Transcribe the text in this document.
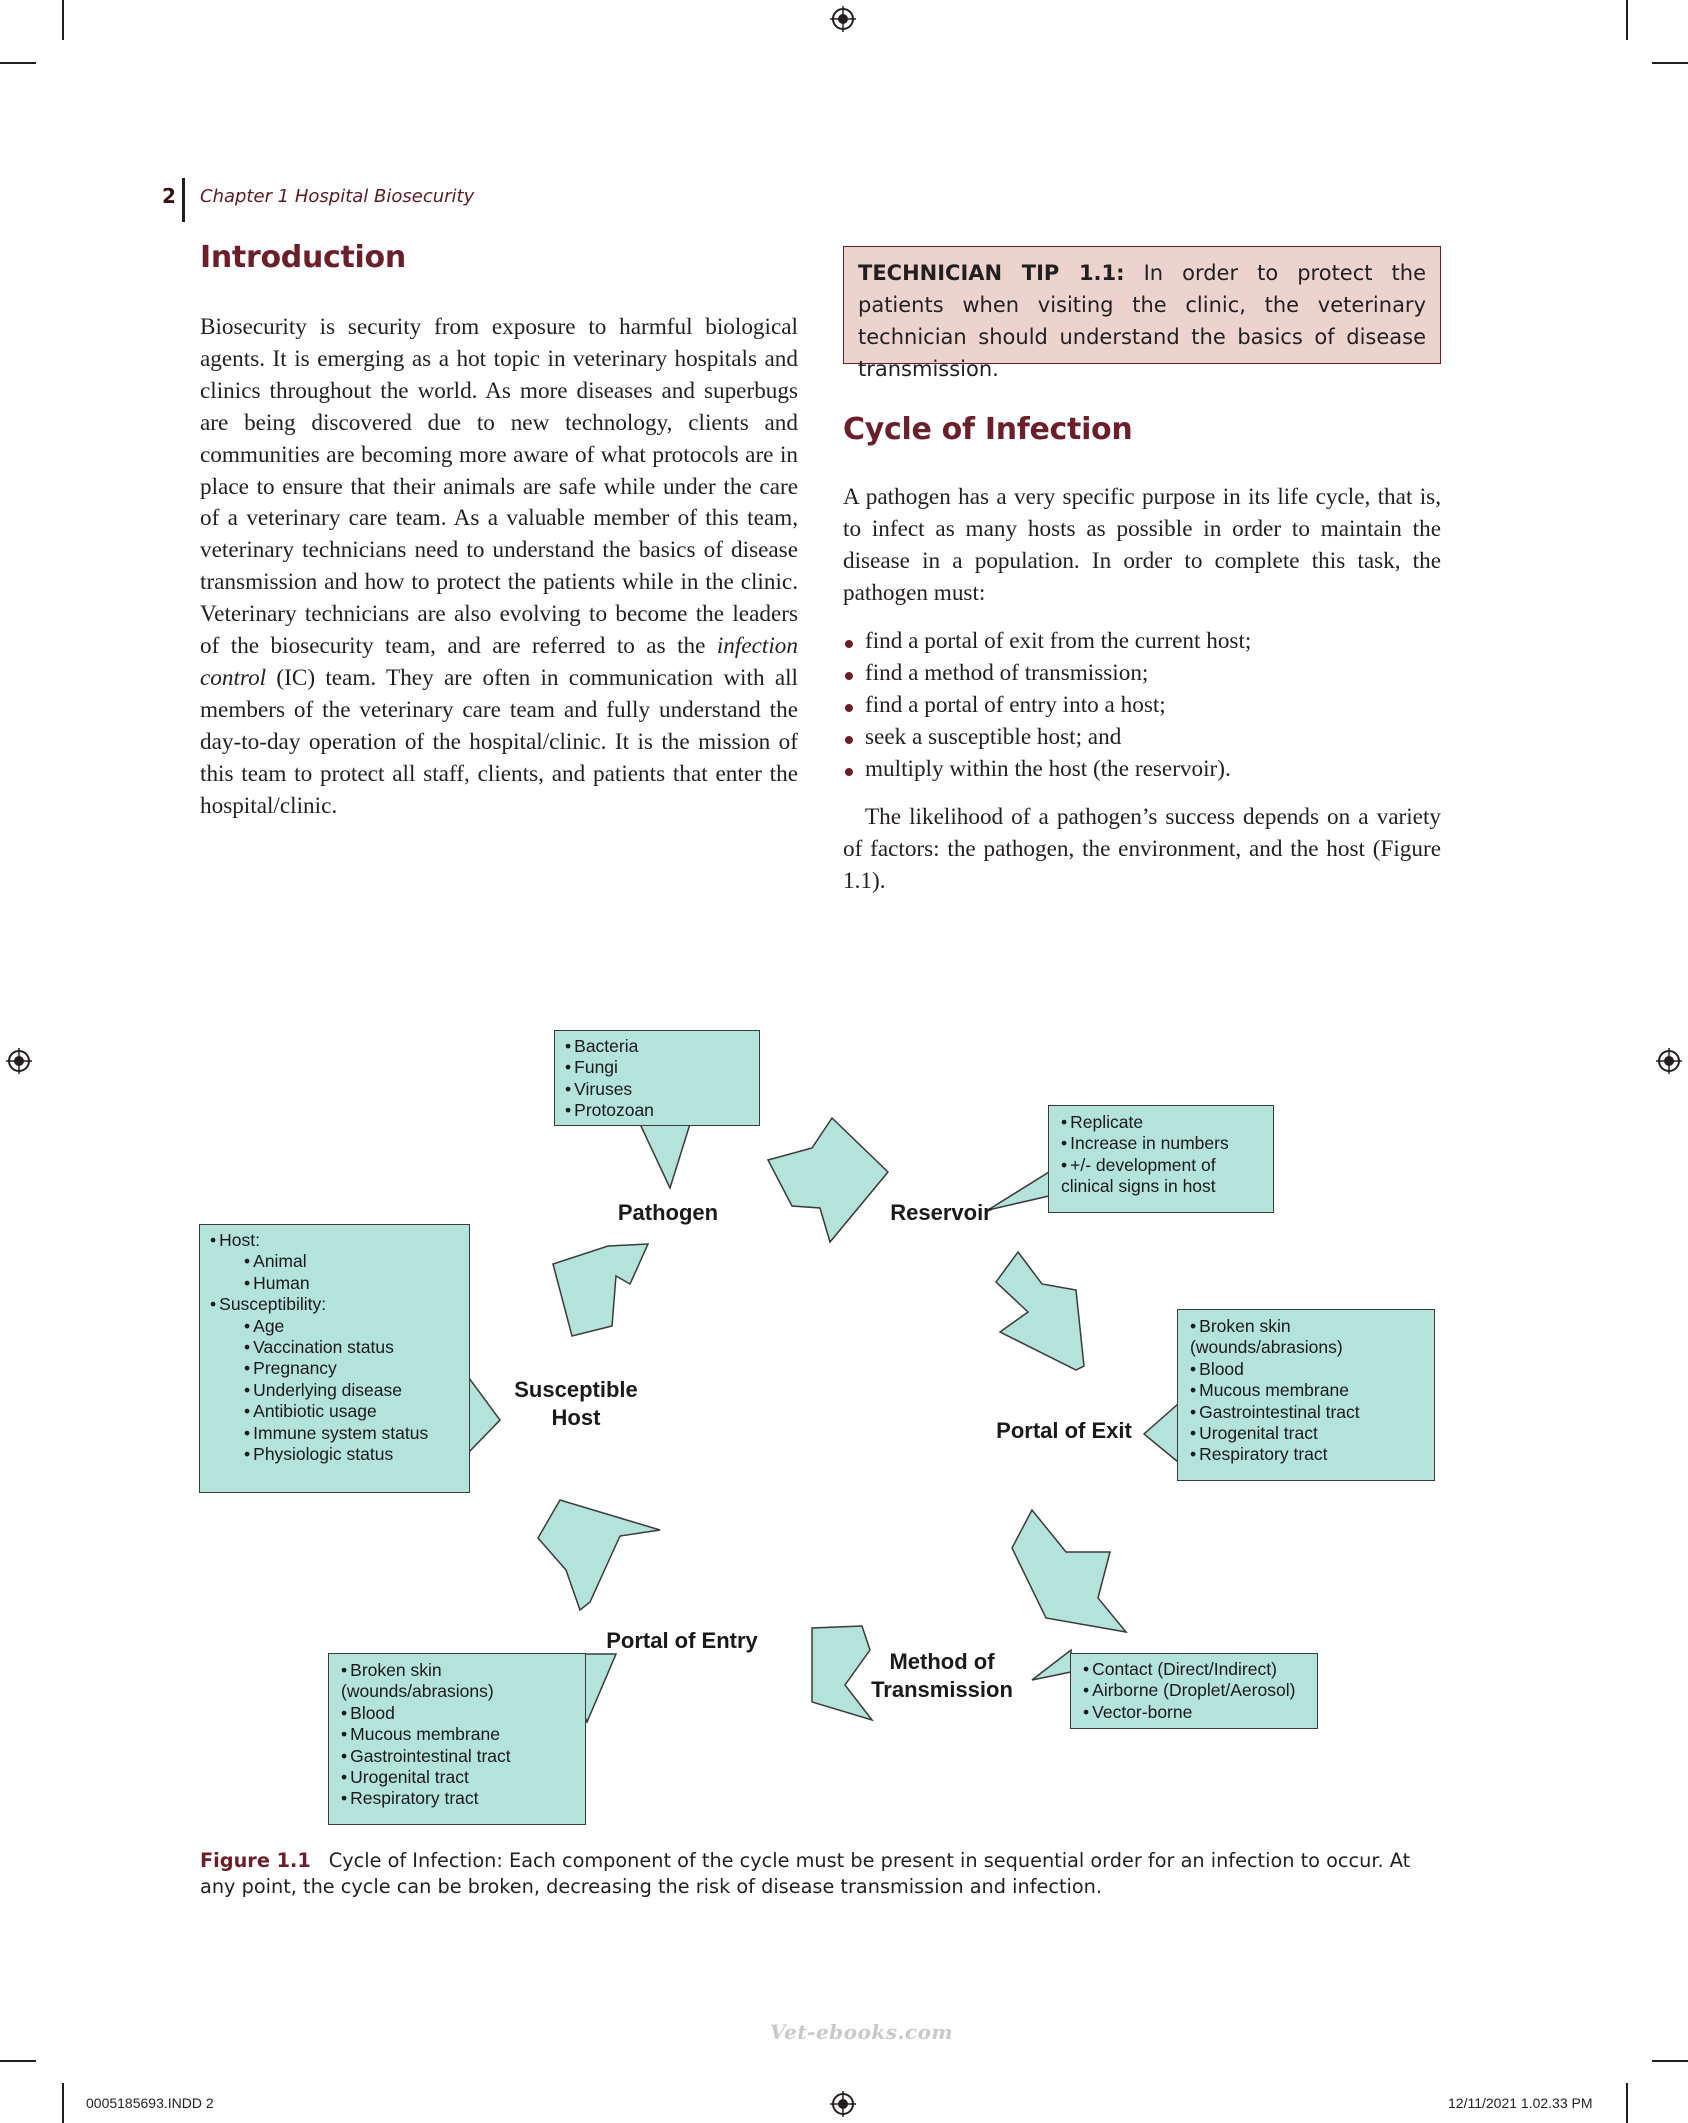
2 Chapter 1 Hospital Biosecurity
Introduction

Biosecurity is security from exposure to harmful biological agents. It is emerging as a hot topic in veterinary hospitals and clinics throughout the world. As more diseases and superbugs are being discovered due to new technology, clients and communities are becoming more aware of what protocols are in place to ensure that their animals are safe while under the care of a veterinary care team. As a valuable member of this team, veterinary technicians need to understand the basics of disease transmission and how to protect the patients while in the clinic. Veterinary technicians are also evolving to become the leaders of the biosecurity team, and are referred to as the infection control (IC) team. They are often in communication with all members of the veterinary care team and fully understand the day-to-day operation of the hospital/clinic. It is the mission of this team to protect all staff, clients, and patients that enter the hospital/clinic.

TECHNICIAN TIP 1.1: In order to protect the patients when visiting the clinic, the veterinary technician should understand the basics of disease transmission.
Cycle of Infection
A pathogen has a very specific purpose in its life cycle, that is, to infect as many hosts as possible in order to maintain the disease in a population. In order to complete this task, the pathogen must:
find a portal of exit from the current host;
find a method of transmission;
find a portal of entry into a host;
seek a susceptible host; and
multiply within the host (the reservoir).
The likelihood of a pathogen’s success depends on a variety of factors: the pathogen, the environment, and the host (Figure 1.1).
• Bacteria
• Fungi
• Viruses
• Protozoan
• Replicate
• Increase in numbers
• +/- development of
clinical signs in host
• Broken skin
(wounds/abrasions)
• Blood
• Mucous membrane
• Gastrointestinal tract
• Urogenital tract
• Respiratory tract
• Contact (Direct/Indirect)
• Airborne (Droplet/Aerosol)
• Vector-borne
• Broken skin
(wounds/abrasions)
• Blood
• Mucous membrane
• Gastrointestinal tract
• Urogenital tract
• Respiratory tract
• Host:
• Animal
• Human
• Susceptibility:
• Age
• Vaccination status
• Pregnancy
• Underlying disease
• Antibiotic usage
• Immune system status
• Physiologic status
Pathogen	Reservoir
Portal of Exit
Method of
Transmission
Portal of Entry
Susceptible
Host
Figure 1.1 Cycle of Infection: Each component of the cycle must be present in sequential order for an infection to occur. At any point, the cycle can be broken, decreasing the risk of disease transmission and infection.
Vet-ebooks.com
0005185693.INDD 2	12/11/2021 1.02.33 PM
